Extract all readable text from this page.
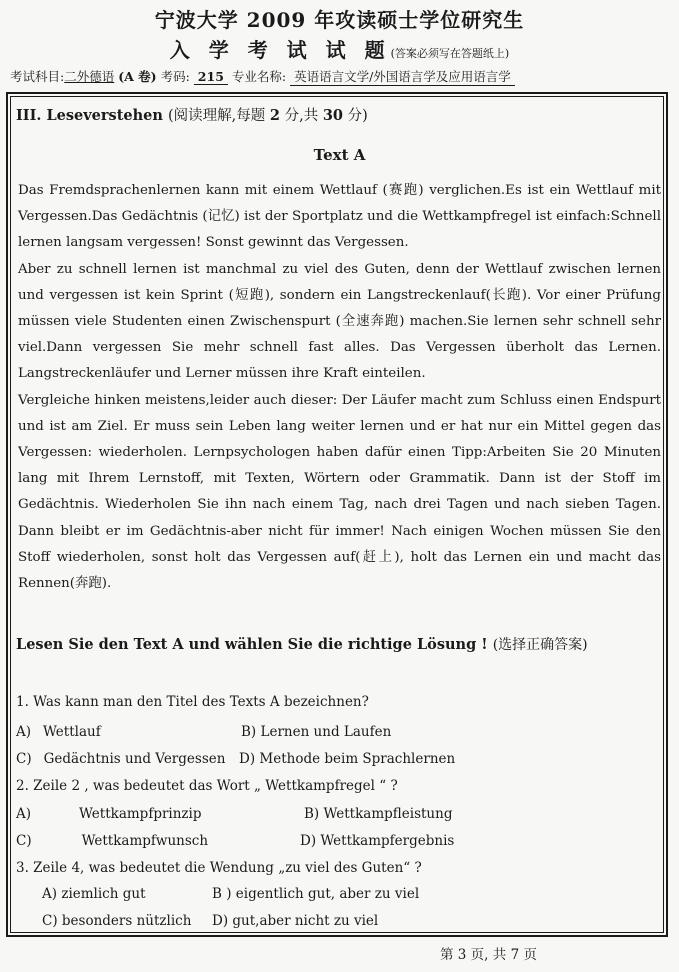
宁波大学 2009 年攻读硕士学位研究生
入 学 考 试 试 题(答案必须写在答题纸上)
考试科目:二外德语 (A 卷) 考码: 215 专业名称: 英语语言文学/外国语言学及应用语言学
III. Leseverstehen (阅读理解,每题 2 分,共 30 分)
Text A

Das Fremdsprachenlernen kann mit einem Wettlauf (赛跑) verglichen.Es ist ein Wettlauf mit Vergessen.Das Gedächtnis (记忆) ist der Sportplatz und die Wettkampfregel ist einfach:Schnell lernen langsam vergessen! Sonst gewinnt das Vergessen.

Aber zu schnell lernen ist manchmal zu viel des Guten, denn der Wettlauf zwischen lernen und vergessen ist kein Sprint (短跑), sondern ein Langstreckenlauf(长跑). Vor einer Prüfung müssen viele Studenten einen Zwischenspurt (全速奔跑) machen.Sie lernen sehr schnell sehr viel.Dann vergessen Sie mehr schnell fast alles. Das Vergessen überholt das Lernen. Langstreckenläufer und Lerner müssen ihre Kraft einteilen.

Vergleiche hinken meistens,leider auch dieser: Der Läufer macht zum Schluss einen Endspurt und ist am Ziel. Er muss sein Leben lang weiter lernen und er hat nur ein Mittel gegen das Vergessen: wiederholen. Lernpsychologen haben dafür einen Tipp:Arbeiten Sie 20 Minuten lang mit Ihrem Lernstoff, mit Texten, Wörtern oder Grammatik. Dann ist der Stoff im Gedächtnis. Wiederholen Sie ihn nach einem Tag, nach drei Tagen und nach sieben Tagen. Dann bleibt er im Gedächtnis-aber nicht für immer! Nach einigen Wochen müssen Sie den Stoff wiederholen, sonst holt das Vergessen auf(赶上), holt das Lernen ein und macht das Rennen(奔跑).

Lesen Sie den Text A und wählen Sie die richtige Lösung ! (选择正确答案)
1. Was kann man den Titel des Texts A bezeichnen?
A) Wettlauf	B) Lernen und Laufen
C) Gedächtnis und Vergessen D) Methode beim Sprachlernen
2. Zeile 2 , was bedeutet das Wort „ Wettkampfregel “ ?
A)	Wettkampfprinzip	B) Wettkampfleistung
C)	Wettkampfwunsch	D) Wettkampfergebnis
3. Zeile 4, was bedeutet die Wendung „zu viel des Guten“ ?
A) ziemlich gut	B ) eigentlich gut, aber zu viel
C) besonders nützlich D) gut,aber nicht zu viel
第 3 页, 共 7 页
